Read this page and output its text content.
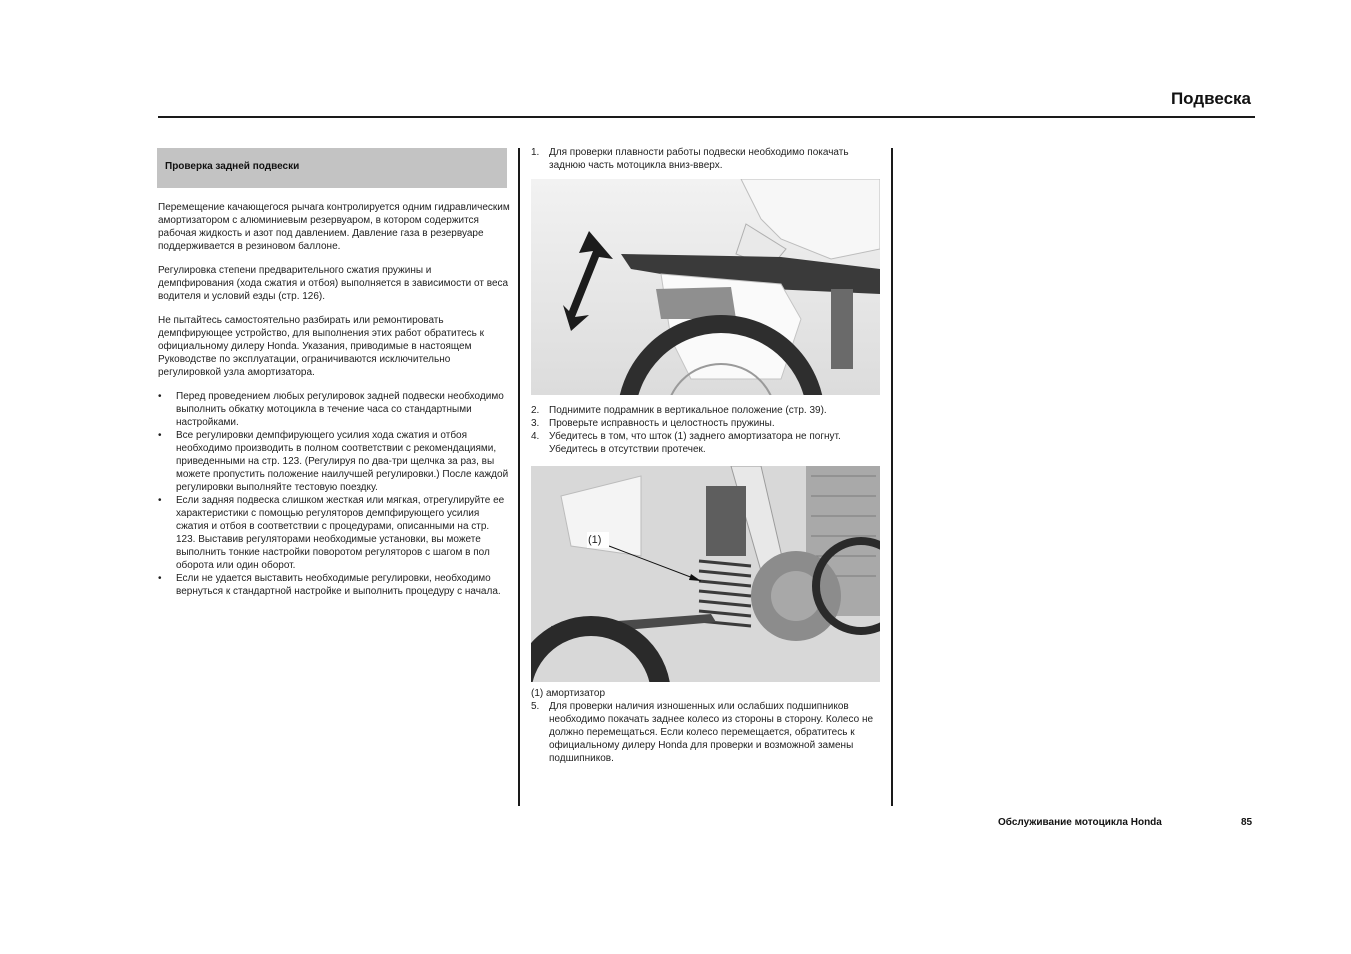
Подвеска
Проверка задней подвески

Перемещение качающегося рычага контролируется одним гидравлическим амортизатором с алюминиевым резервуаром, в котором содержится рабочая жидкость и азот под давлением. Давление газа в резервуаре поддерживается в резиновом баллоне.

Регулировка степени предварительного сжатия пружины и демпфирования (хода сжатия и отбоя) выполняется в зависимости от веса водителя и условий езды (стр. 126).

Не пытайтесь самостоятельно разбирать или ремонтировать демпфирующее устройство, для выполнения этих работ обратитесь к официальному дилеру Honda. Указания, приводимые в настоящем Руководстве по эксплуатации, ограничиваются исключительно регулировкой узла амортизатора.

• Перед проведением любых регулировок задней подвески необходимо выполнить обкатку мотоцикла в течение часа со стандартными настройками.
• Все регулировки демпфирующего усилия хода сжатия и отбоя необходимо производить в полном соответствии с рекомендациями, приведенными на стр. 123. (Регулируя по два-три щелчка за раз, вы можете пропустить положение наилучшей регулировки.) После каждой регулировки выполняйте тестовую поездку.
• Если задняя подвеска слишком жесткая или мягкая, отрегулируйте ее характеристики с помощью регуляторов демпфирующего усилия сжатия и отбоя в соответствии с процедурами, описанными на стр. 123. Выставив регуляторами необходимые установки, вы можете выполнить тонкие настройки поворотом регуляторов с шагом в пол оборота или один оборот.
• Если не удается выставить необходимые регулировки, необходимо вернуться к стандартной настройке и выполнить процедуру с начала.
1. Для проверки плавности работы подвески необходимо покачать заднюю часть мотоцикла вниз-вверх.
2. Поднимите подрамник в вертикальное положение (стр. 39).
3. Проверьте исправность и целостность пружины.
4. Убедитесь в том, что шток (1) заднего амортизатора не погнут. Убедитесь в отсутствии протечек.
(1)
(1) амортизатор
5. Для проверки наличия изношенных или ослабших подшипников необходимо покачать заднее колесо из стороны в сторону. Колесо не должно перемещаться. Если колесо перемещается, обратитесь к официальному дилеру Honda для проверки и возможной замены подшипников.
Обслуживание мотоцикла Honda	85
